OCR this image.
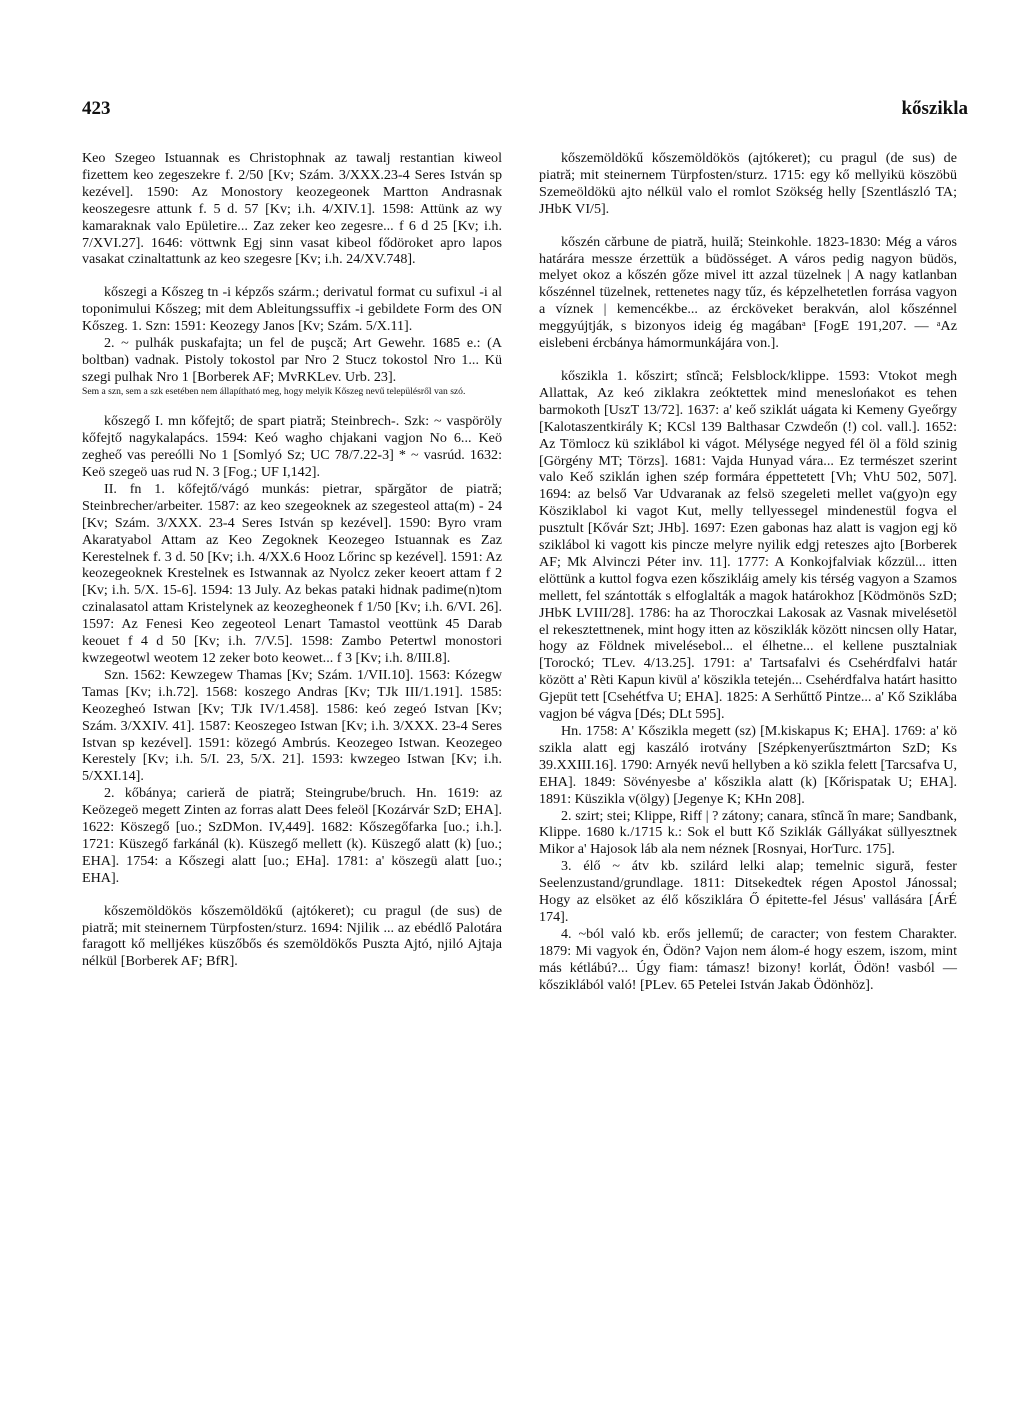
423	kőszikla

Keo Szegeo Istuannak es Christophnak az tawalj restantian kiweol fizettem keo zegeszekre f. 2/50 [Kv; Szám. 3/XXX.23-4 Seres István sp kezével]. 1590: Az Monostory keozegeonek Martton Andrasnak keoszegesre attunk f. 5 d. 57 [Kv; i.h. 4/XIV.1]. 1598: Attünk az wy kamaraknak valo Epületire... Zaz zeker keo zegesre... f 6 d 25 [Kv; i.h. 7/XVI.27]. 1646: vöttwnk Egj sinn vasat kibeol fődöroket apro lapos vasakat czinaltattunk az keo szegesre [Kv; i.h. 24/XV.748].

kőszegi a Kőszeg tn -i képzős szárm.; derivatul format cu sufixul -i al toponimului Kőszeg; mit dem Ableitungssuffix -i gebildete Form des ON Kőszeg. 1. Szn: 1591: Keozegy Janos [Kv; Szám. 5/X.11].

2. ~ pulhák puskafajta; un fel de puşcă; Art Gewehr. 1685 e.: (A boltban) vadnak. Pistoly tokostol par Nro 2 Stucz tokostol Nro 1... Kü szegi pulhak Nro 1 [Borberek AF; MvRKLev. Urb. 23].

Sem a szn, sem a szk esetében nem állapítható meg, hogy melyik Kőszeg nevű településről van szó.

kőszegő I. mn kőfejtő; de spart piatră; Steinbrech-. Szk: ~ vaspöröly kőfejtő nagykalapács. 1594: Keó wagho chjakani vagjon No 6... Keö zegheő vas pereólli No 1 [Somlyó Sz; UC 78/7.22-3] * ~ vasrúd. 1632: Keö szegeö uas rud N. 3 [Fog.; UF I,142].

II. fn 1. kőfejtő/vágó munkás: pietrar, spărgător de piatră; Steinbrecher/arbeiter. 1587: az keo szegeoknek az szegesteol atta(m) - 24 [Kv; Szám. 3/XXX. 23-4 Seres István sp kezével]. 1590: Byro vram Akaratyabol Attam az Keo Zegoknek Keozegeo Istuannak es Zaz Kerestelnek f. 3 d. 50 [Kv; i.h. 4/XX.6 Hooz Lőrinc sp kezével]. 1591: Az keozegeoknek Krestelnek es Istwannak az Nyolcz zeker keoert attam f 2 [Kv; i.h. 5/X. 15-6]. 1594: 13 July. Az bekas pataki hidnak padime(n)tom czinalasatol attam Kristelynek az keozegheonek f 1/50 [Kv; i.h. 6/VI. 26]. 1597: Az Fenesi Keo zegeoteol Lenart Tamastol veottünk 45 Darab keouet f 4 d 50 [Kv; i.h. 7/V.5]. 1598: Zambo Petertwl monostori kwzegeotwl weotem 12 zeker boto keowet... f 3 [Kv; i.h. 8/III.8].

Szn. 1562: Kewzegew Thamas [Kv; Szám. 1/VII.10]. 1563: Kózegw Tamas [Kv; i.h.72]. 1568: koszego Andras [Kv; TJk III/1.191]. 1585: Keozegheó Istwan [Kv; TJk IV/1.458]. 1586: keó zegeó Istvan [Kv; Szám. 3/XXIV. 41]. 1587: Keoszegeo Istwan [Kv; i.h. 3/XXX. 23-4 Seres Istvan sp kezével]. 1591: közegó Ambrús. Keozegeo Istwan. Keozegeo Kerestely [Kv; i.h. 5/I. 23, 5/X. 21]. 1593: kwzegeo Istwan [Kv; i.h. 5/XXI.14].

2. kőbánya; carieră de piatră; Steingrube/bruch. Hn. 1619: az Keözegeö megett Zinten az forras alatt Dees feleöl [Kozárvár SzD; EHA]. 1622: Köszegő [uo.; SzDMon. IV,449]. 1682: Kőszegőfarka [uo.; i.h.]. 1721: Küszegő farkánál (k). Küszegő mellett (k). Küszegő alatt (k) [uo.; EHA]. 1754: a Kőszegi alatt [uo.; EHa]. 1781: a' köszegü alatt [uo.; EHA].

kőszemöldökös kőszemöldökű (ajtókeret); cu pragul (de sus) de piatră; mit steinernem Türpfosten/sturz. 1694: Njilik ... az ebédlő Palotára faragott kő melljékes küszőbős és szemöldökős Puszta Ajtó, njiló Ajtaja nélkül [Borberek AF; BfR].

kőszemöldökű kőszemöldökös (ajtókeret); cu pragul (de sus) de piatră; mit steinernem Türpfosten/sturz. 1715: egy kő mellyikü köszöbü Szemeöldökü ajto nélkül valo el romlot Szökség helly [Szentlászló TA; JHbK VI/5].

kőszén cărbune de piatră, huilă; Steinkohle. 1823-1830: Még a város határára messze érzettük a büdösséget. A város pedig nagyon büdös, melyet okoz a kőszén gőze mivel itt azzal tüzelnek | A nagy katlanban kőszénnel tüzelnek, rettenetes nagy tűz, és képzelhetetlen forrása vagyon a víznek | kemencékbe... az ércköveket berakván, alol kőszénnel meggyújtják, s bizonyos ideig ég magábanᵃ [FogE 191,207. — ᵃAz eislebeni ércbánya hámormunkájára von.].

kőszikla 1. kőszirt; stîncă; Felsblock/klippe. 1593: Vtokot megh Allattak, Az keó ziklakra zeóktettek mind meneslońakot es tehen barmokoth [UszT 13/72]. 1637: a' keő sziklát uágata ki Kemeny Gyeőrgy [Kalotaszentkirály K; KCsl 139 Balthasar Czwdeőn (!) col. vall.]. 1652: Az Tömlocz kü sziklábol ki vágot. Mélysége negyed fél öl a föld szinig [Görgény MT; Törzs]. 1681: Vajda Hunyad vára... Ez természet szerint valo Keő sziklán ighen szép formára éppettetett [Vh; VhU 502, 507]. 1694: az belső Var Udvaranak az felsö szegeleti mellet va(gyo)n egy Kösziklabol ki vagot Kut, melly tellyessegel mindenestül fogva el pusztult [Kővár Szt; JHb]. 1697: Ezen gabonas haz alatt is vagjon egj kö sziklábol ki vagott kis pincze melyre nyilik edgj reteszes ajto [Borberek AF; Mk Alvinczi Péter inv. 11]. 1777: A Konkojfalviak kőzzül... itten elöttünk a kuttol fogva ezen kőszikláig amely kis térség vagyon a Szamos mellett, fel szántották s elfoglalták a magok határokhoz [Ködmönös SzD; JHbK LVIII/28]. 1786: ha az Thoroczkai Lakosak az Vasnak mivelésetöl el rekesztettnenek, mint hogy itten az kösziklák között nincsen olly Hatar, hogy az Földnek mivelésebol... el élhetne... el kellene pusztalniak [Torockó; TLev. 4/13.25]. 1791: a' Tartsafalvi és Csehérdfalvi határ között a' Rèti Kapun kivül a' kösziklа tetején... Csehérdfalva határt hasitto Gjepüt tett [Csehétfva U; EHA]. 1825: A Serhűttő Pintze... a' Kő Sziklába vagjon bé vágva [Dés; DLt 595].

Hn. 1758: A' Kősziklа megett (sz) [M.kiskapus K; EHA]. 1769: a' kö szikla alatt egj kaszáló irotvány [Szépkenyerűsztmárton SzD; Ks 39.XXIII.16]. 1790: Arnyék nevű hellyben a kö szikla felett [Tarcsafva U, EHA]. 1849: Sövényesbe a' kősziklа alatt (k) [Kőrispatak U; EHA]. 1891: Küszikla v(ölgy) [Jegenye K; KHn 208].

2. szirt; stei; Klippe, Riff | ? zátony; canara, stîncă în mare; Sandbank, Klippe. 1680 k./1715 k.: Sok el butt Kő Sziklák Gállyákat süllyesztnek Mikor a' Hajosok láb ala nem néznek [Rosnyai, HorTurc. 175].

3. élő ~ átv kb. szilárd lelki alap; temelnic sigură, fester Seelenzustand/grundlage. 1811: Ditsekedtek régen Apostol Jánossal; Hogy az elsöket az élő kősziklára Ő épitette-fel Jésus' vallására [ÁrÉ 174].

4. ~ból való kb. erős jellemű; de caracter; von festem Charakter. 1879: Mi vagyok én, Ödön? Vajon nem álom-é hogy eszem, iszom, mint más kétlábú?... Úgy fiam: támasz! bizony! korlát, Ödön! vasból — kősziklából való! [PLev. 65 Petelei István Jakab Ödönhöz].
